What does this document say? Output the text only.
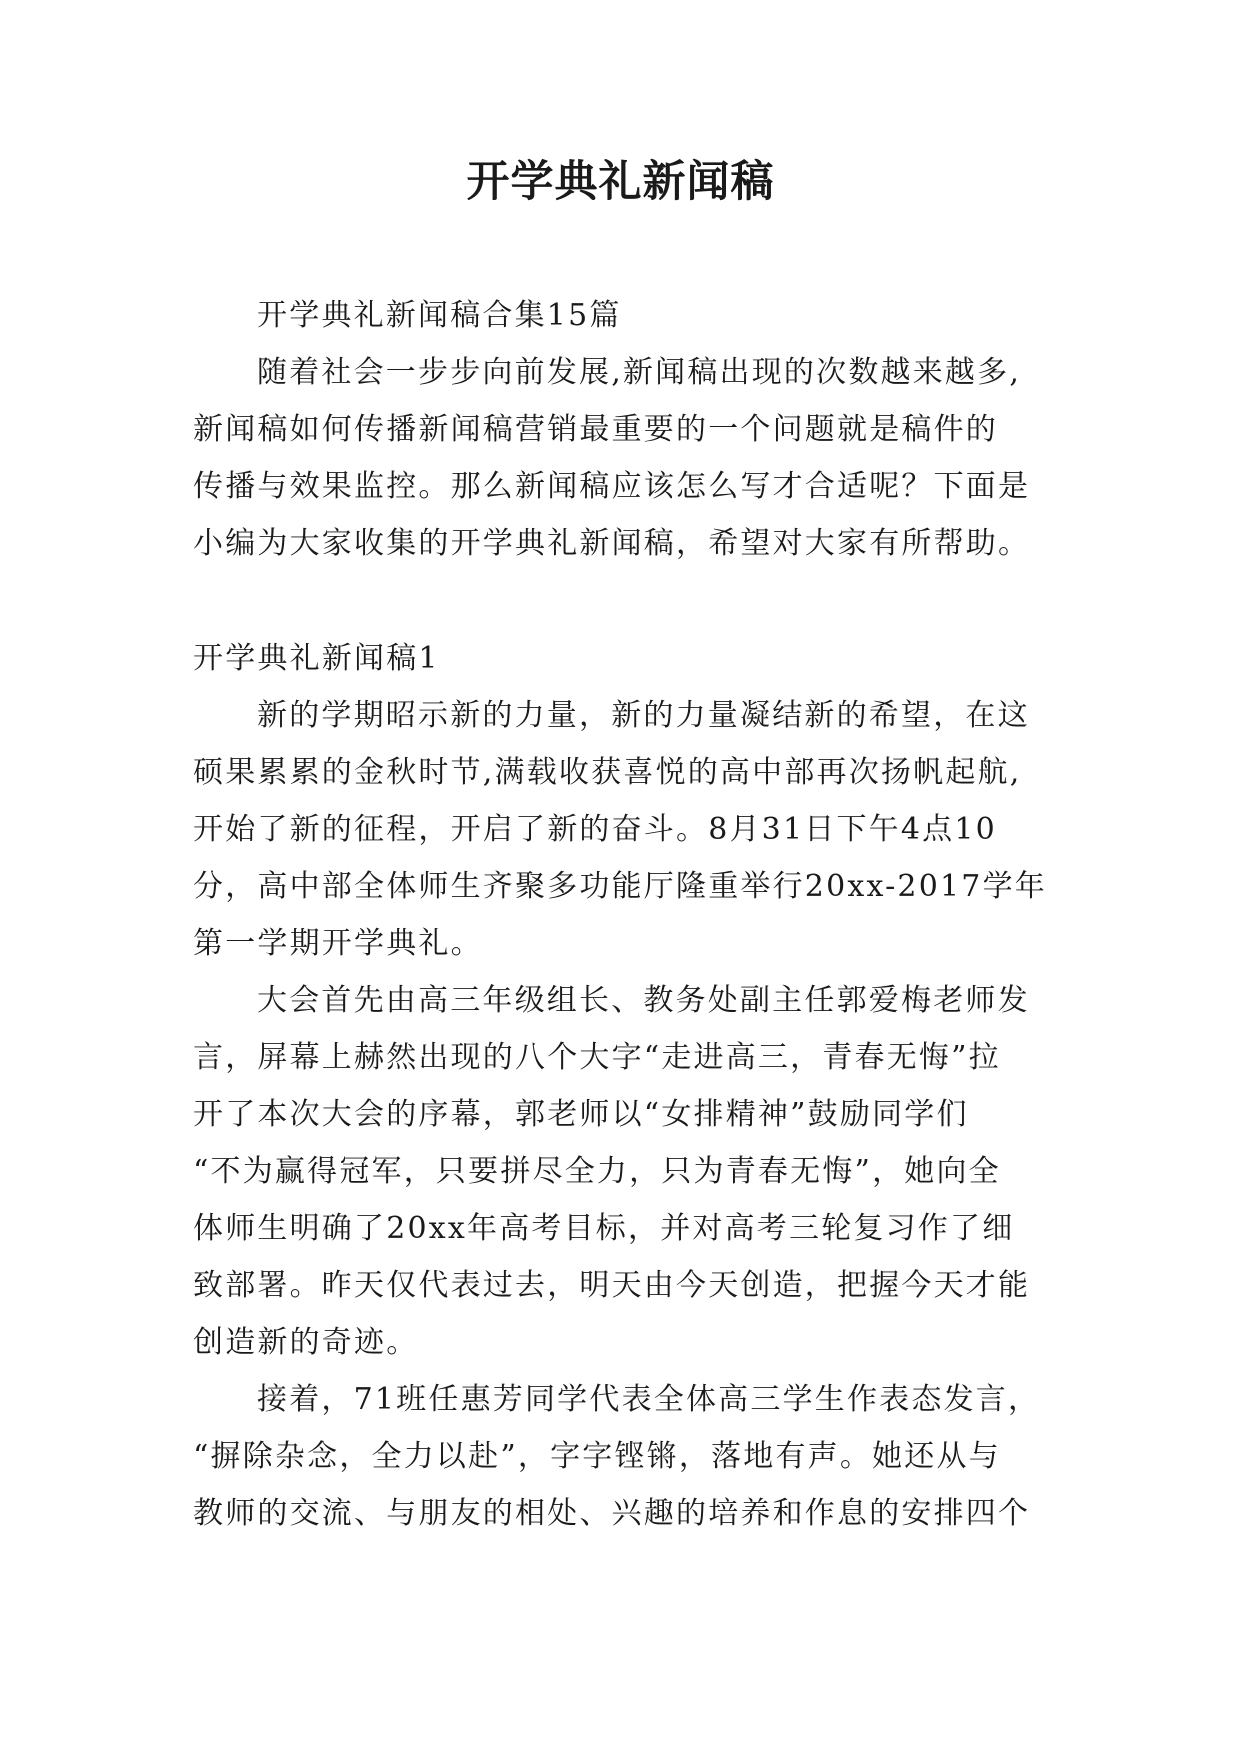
开学典礼新闻稿
开学典礼新闻稿合集15篇
随着社会一步步向前发展,新闻稿出现的次数越来越多,
新闻稿如何传播新闻稿营销最重要的一个问题就是稿件的
传播与效果监控。那么新闻稿应该怎么写才合适呢？下面是
小编为大家收集的开学典礼新闻稿，希望对大家有所帮助。
开学典礼新闻稿1
新的学期昭示新的力量，新的力量凝结新的希望，在这
硕果累累的金秋时节,满载收获喜悦的高中部再次扬帆起航,
开始了新的征程，开启了新的奋斗。8月31日下午4点10
分，高中部全体师生齐聚多功能厅隆重举行20xx-2017学年
第一学期开学典礼。
大会首先由高三年级组长、教务处副主任郭爱梅老师发
言，屏幕上赫然出现的八个大字“走进高三，青春无悔”拉
开了本次大会的序幕，郭老师以“女排精神”鼓励同学们
“不为赢得冠军，只要拼尽全力，只为青春无悔”，她向全
体师生明确了20xx年高考目标，并对高考三轮复习作了细
致部署。昨天仅代表过去，明天由今天创造，把握今天才能
创造新的奇迹。
接着，71班任惠芳同学代表全体高三学生作表态发言，
“摒除杂念，全力以赴”，字字铿锵，落地有声。她还从与
教师的交流、与朋友的相处、兴趣的培养和作息的安排四个
